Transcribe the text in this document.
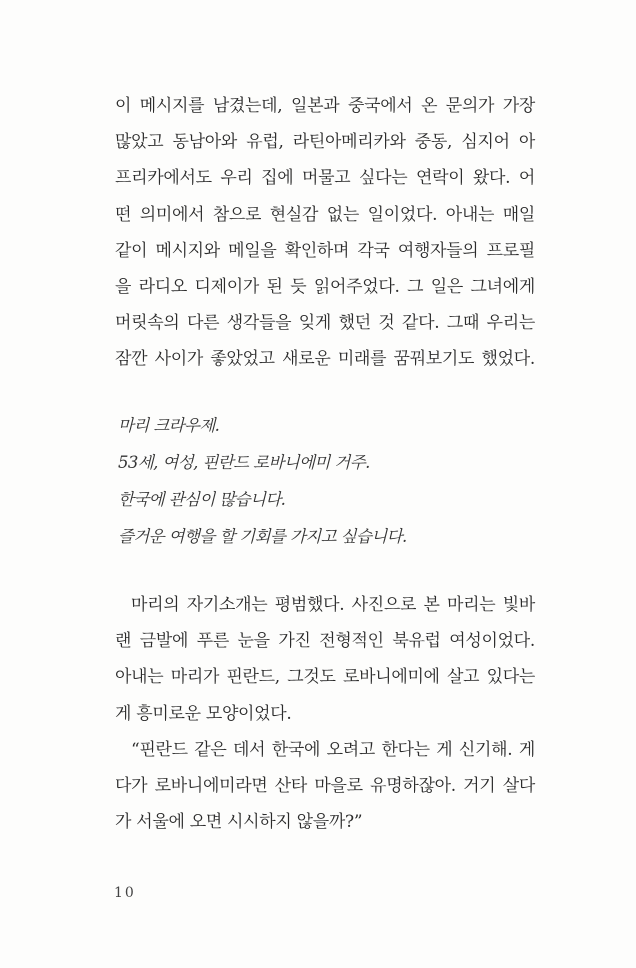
이 메시지를 남겼는데, 일본과 중국에서 온 문의가 가장
많았고 동남아와 유럽, 라틴아메리카와 중동, 심지어 아
프리카에서도 우리 집에 머물고 싶다는 연락이 왔다. 어
떤 의미에서 참으로 현실감 없는 일이었다. 아내는 매일
같이 메시지와 메일을 확인하며 각국 여행자들의 프로필
을 라디오 디제이가 된 듯 읽어주었다. 그 일은 그녀에게
머릿속의 다른 생각들을 잊게 했던 것 같다. 그때 우리는
잠깐 사이가 좋았었고 새로운 미래를 꿈꿔보기도 했었다.
마리 크라우제.
53세, 여성, 핀란드 로바니에미 거주.
한국에 관심이 많습니다.
즐거운 여행을 할 기회를 가지고 싶습니다.
마리의 자기소개는 평범했다. 사진으로 본 마리는 빛바
랜 금발에 푸른 눈을 가진 전형적인 북유럽 여성이었다.
아내는 마리가 핀란드, 그것도 로바니에미에 살고 있다는
게 흥미로운 모양이었다.
“핀란드 같은 데서 한국에 오려고 한다는 게 신기해. 게
다가 로바니에미라면 산타 마을로 유명하잖아. 거기 살다
가 서울에 오면 시시하지 않을까?”
10
